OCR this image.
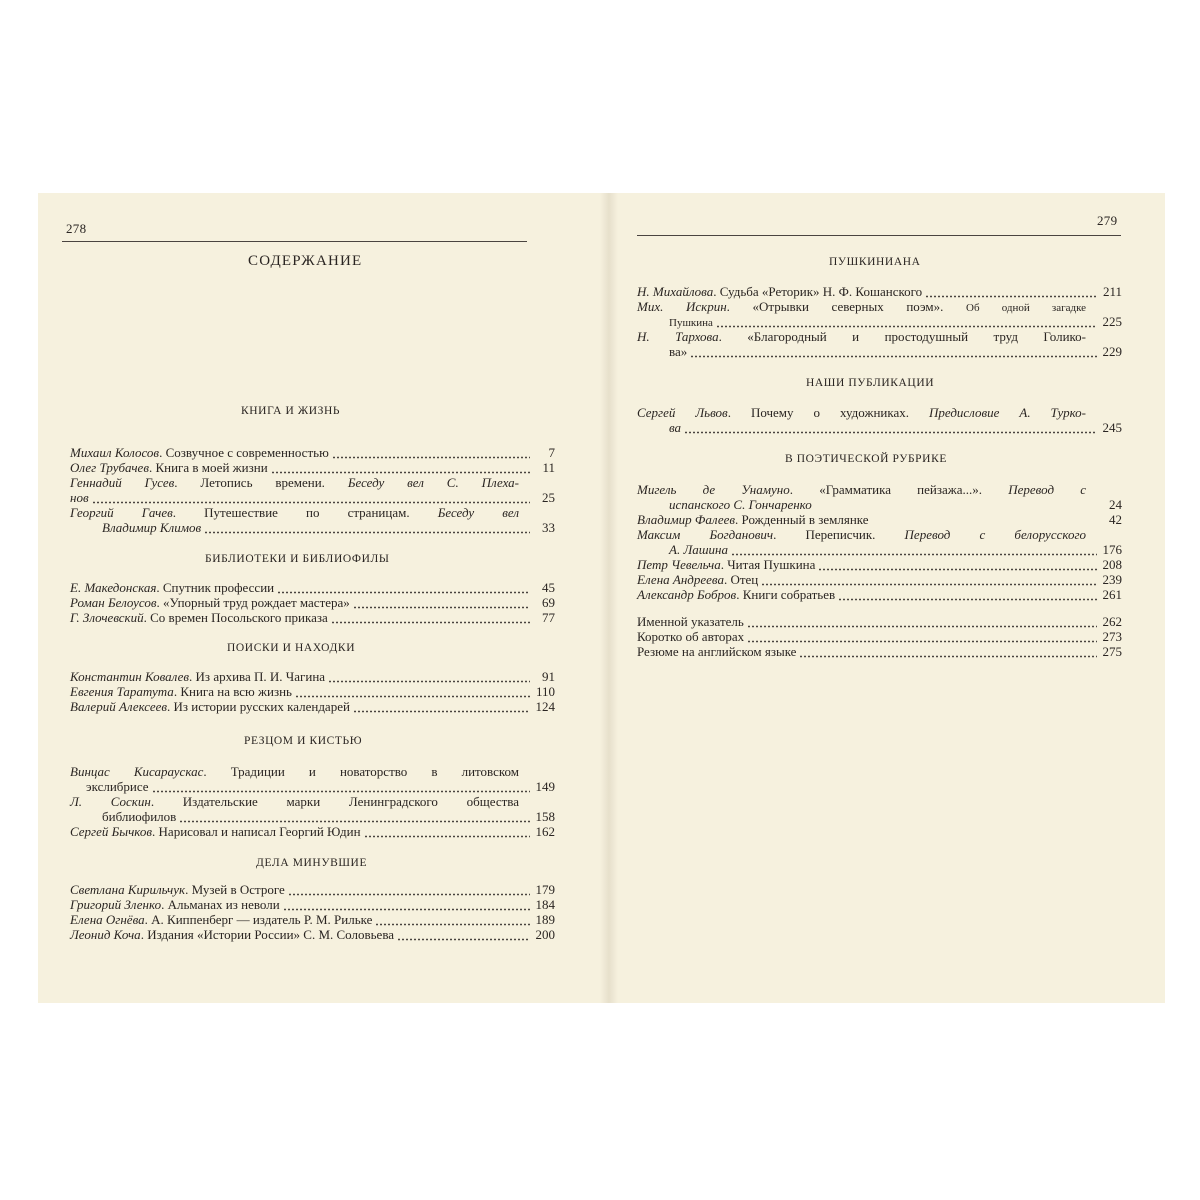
278
СОДЕРЖАНИЕ
КНИГА И ЖИЗНЬ
Михаил Колосов. Созвучное с современностью	7
Олег Трубачев. Книга в моей жизни	11
Геннадий Гусев. Летопись времени. Беседу вел С. Плеха-
нов	25
Георгий Гачев. Путешествие по страницам. Беседу вел
Владимир Климов	33
БИБЛИОТЕКИ И БИБЛИОФИЛЫ
Е. Македонская. Спутник профессии	45
Роман Белоусов. «Упорный труд рождает мастера»	69
Г. Злочевский. Со времен Посольского приказа	77
ПОИСКИ И НАХОДКИ
Константин Ковалев. Из архива П. И. Чагина	91
Евгения Таратута. Книга на всю жизнь	110
Валерий Алексеев. Из истории русских календарей	124
РЕЗЦОМ И КИСТЬЮ
Винцас Кисараускас. Традиции и новаторство в литовском
экслибрисе	149
Л. Соскин. Издательские марки Ленинградского общества
библиофилов	158
Сергей Бычков. Нарисовал и написал Георгий Юдин	162
ДЕЛА МИНУВШИЕ
Светлана Кирильчук. Музей в Остроге	179
Григорий Зленко. Альманах из неволи	184
Елена Огнёва. А. Киппенберг — издатель Р. М. Рильке	189
Леонид Коча. Издания «Истории России» С. М. Соловьева	200
279
ПУШКИНИАНА
Н. Михайлова. Судьба «Реторик» Н. Ф. Кошанского	211
Мих. Искрин. «Отрывки северных поэм». Об одной загадке
Пушкина	225
Н. Тархова. «Благородный и простодушный труд Голико-
ва»	229
НАШИ ПУБЛИКАЦИИ
Сергей Львов. Почему о художниках. Предисловие А. Турко-
ва	245
В ПОЭТИЧЕСКОЙ РУБРИКЕ
Мигель де Унамуно. «Грамматика пейзажа...». Перевод с
испанского С. Гончаренко	24
Владимир Фалеев. Рожденный в землянке	42
Максим Богданович. Переписчик. Перевод с белорусского
А. Лашина	176
Петр Чевельча. Читая Пушкина	208
Елена Андреева. Отец	239
Александр Бобров. Книги собратьев	261
Именной указатель	262
Коротко об авторах	273
Резюме на английском языке	275
